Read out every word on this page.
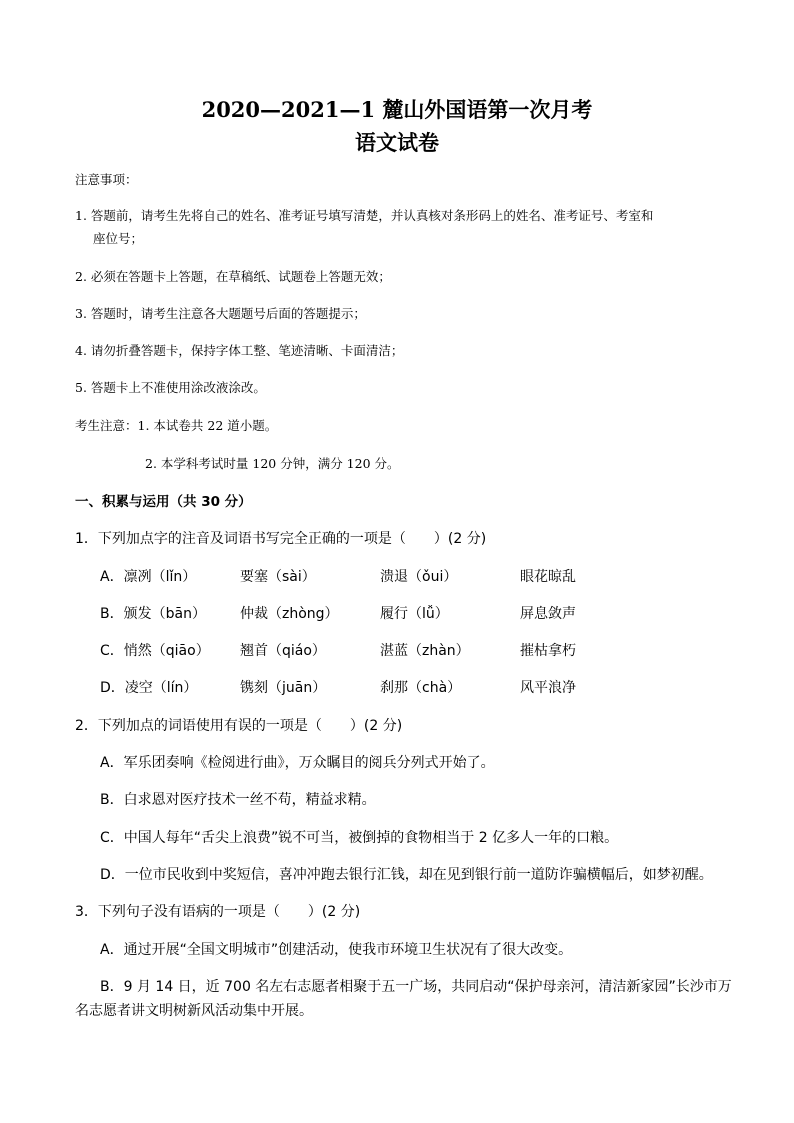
2020—2021—1 麓山外国语第一次月考
语文试卷
注意事项：
1. 答题前，请考生先将自己的姓名、准考证号填写清楚，并认真核对条形码上的姓名、准考证号、考室和
座位号；
2. 必须在答题卡上答题，在草稿纸、试题卷上答题无效；
3. 答题时，请考生注意各大题题号后面的答题提示；
4. 请勿折叠答题卡，保持字体工整、笔迹清晰、卡面清洁；
5. 答题卡上不准使用涂改液涂改。
考生注意：1. 本试卷共 22 道小题。
2. 本学科考试时量 120 分钟，满分 120 分。
一、积累与运用（共 30 分）
1．下列加点字的注音及词语书写完全正确的一项是（　　）(2 分)
A．凛冽（lǐn）	要塞（sài）	溃退（ǒui）	眼花晾乱
B．颁发（bān） 仲裁（zhòng）	履行（lǚ）	屏息敛声
C．悄然（qiāo） 翘首（qiáo）	湛蓝（zhàn）	摧枯拿朽
D．凌空（lín）	镌刻（juān）	刹那（chà）	风平浪净
2．下列加点的词语使用有误的一项是（　　）(2 分)
A．军乐团奏响《检阅进行曲》，万众瞩目的阅兵分列式开始了。
B．白求恩对医疗技术一丝不苟，精益求精。
C．中国人每年“舌尖上浪费”锐不可当，被倒掉的食物相当于 2 亿多人一年的口粮。
D．一位市民收到中奖短信，喜冲冲跑去银行汇钱，却在见到银行前一道防诈骗横幅后，如梦初醒。
3．下列句子没有语病的一项是（　　）(2 分)
A．通过开展“全国文明城市”创建活动，使我市环境卫生状况有了很大改变。
B．9 月 14 日，近 700 名左右志愿者相聚于五一广场，共同启动“保护母亲河，清洁新家园”长沙市万
名志愿者讲文明树新风活动集中开展。
